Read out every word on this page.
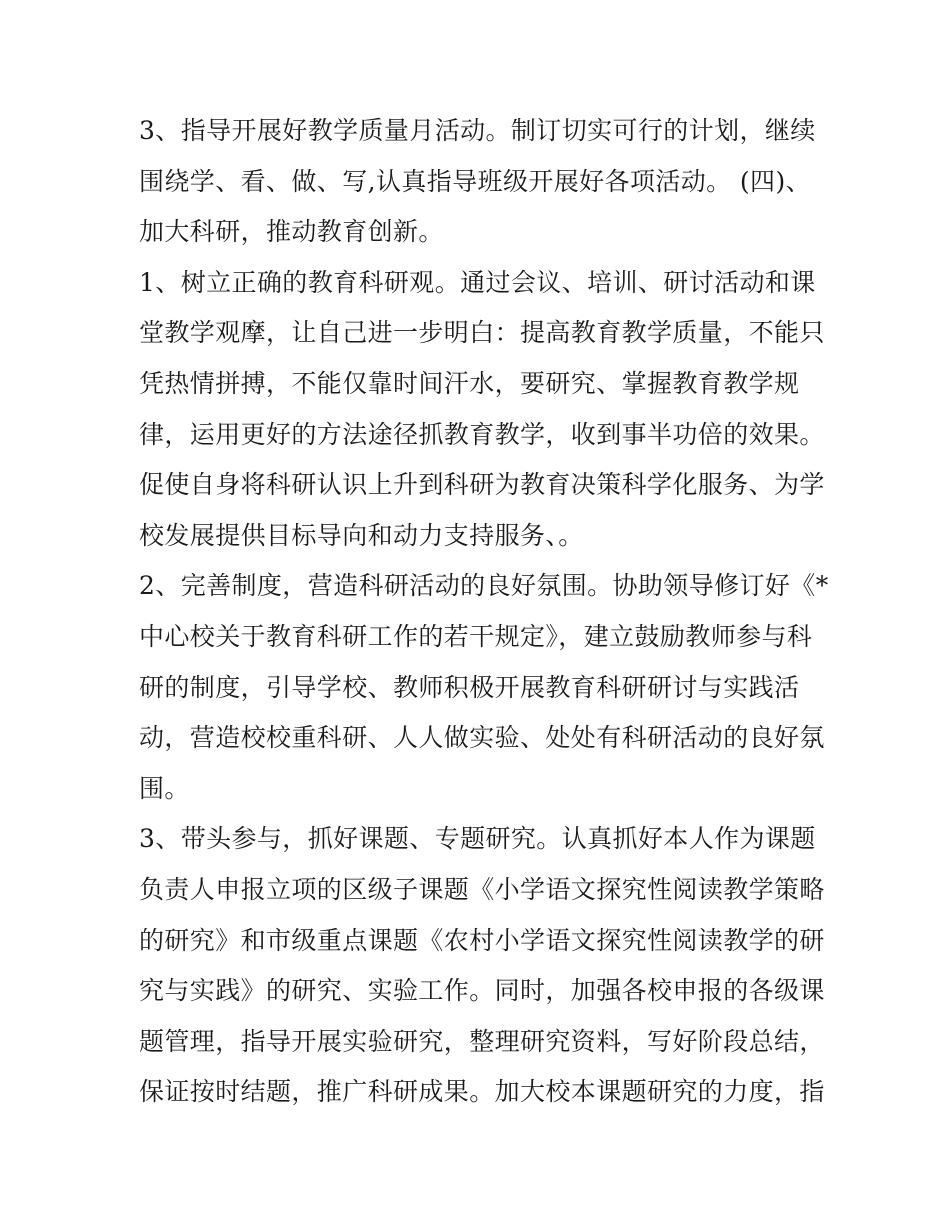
3、指导开展好教学质量月活动。制订切实可行的计划，继续
围绕学、看、做、写,认真指导班级开展好各项活动。 (四)、
加大科研，推动教育创新。
1、树立正确的教育科研观。通过会议、培训、研讨活动和课
堂教学观摩，让自己进一步明白：提高教育教学质量，不能只
凭热情拼搏，不能仅靠时间汗水，要研究、掌握教育教学规
律，运用更好的方法途径抓教育教学，收到事半功倍的效果。
促使自身将科研认识上升到科研为教育决策科学化服务、为学
校发展提供目标导向和动力支持服务、。
2、完善制度，营造科研活动的良好氛围。协助领导修订好《*
中心校关于教育科研工作的若干规定》，建立鼓励教师参与科
研的制度，引导学校、教师积极开展教育科研研讨与实践活
动，营造校校重科研、人人做实验、处处有科研活动的良好氛
围。
3、带头参与，抓好课题、专题研究。认真抓好本人作为课题
负责人申报立项的区级子课题《小学语文探究性阅读教学策略
的研究》和市级重点课题《农村小学语文探究性阅读教学的研
究与实践》的研究、实验工作。同时，加强各校申报的各级课
题管理，指导开展实验研究，整理研究资料，写好阶段总结，
保证按时结题，推广科研成果。加大校本课题研究的力度，指
